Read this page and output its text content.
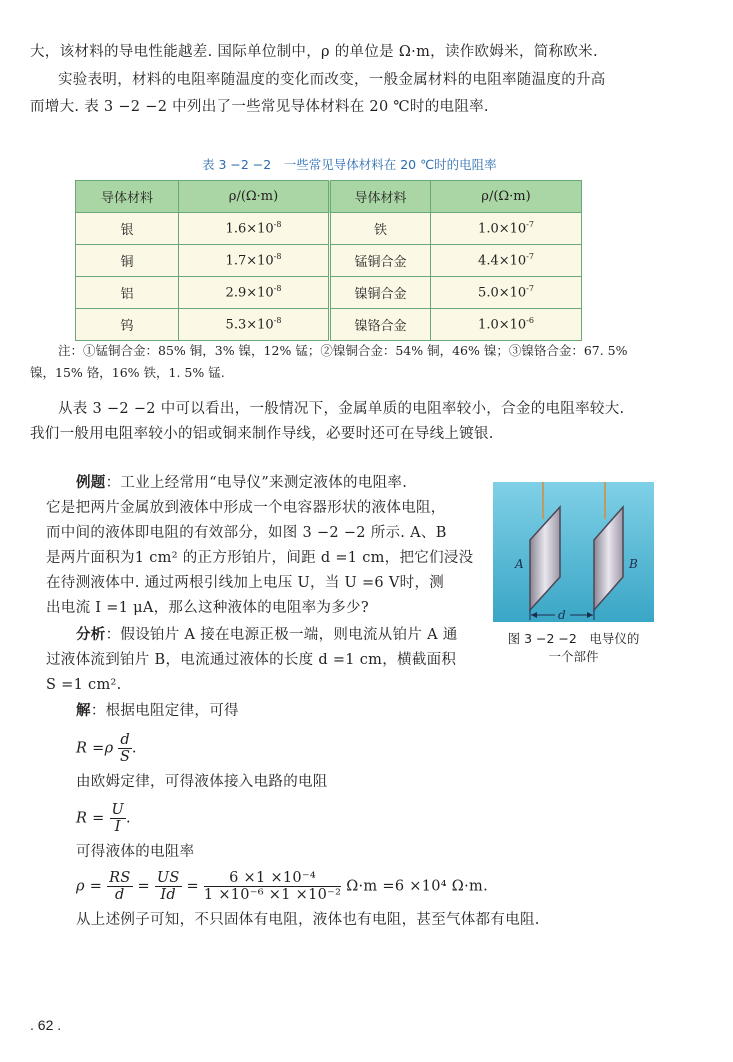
大，该材料的导电性能越差. 国际单位制中，ρ 的单位是 Ω·m，读作欧姆米，简称欧米.
实验表明，材料的电阻率随温度的变化而改变，一般金属材料的电阻率随温度的升高
而增大. 表 3 −2 −2 中列出了一些常见导体材料在 20 ℃时的电阻率.
表 3 −2 −2　一些常见导体材料在 20 ℃时的电阻率
导体材料	ρ/(Ω·m)	导体材料	ρ/(Ω·m)
银	$1.6\times 10^{-8}$	铁	$1.0\times 10^{-7}$
铜	$1.7\times 10^{-8}$	锰铜合金	$4.4\times 10^{-7}$
铝	$2.9\times 10^{-8}$	镍铜合金	$5.0\times 10^{-7}$
钨	$5.3\times 10^{-8}$	镍铬合金	$1.0\times 10^{-6}$
注：①锰铜合金：85% 铜，3% 镍，12% 锰；②镍铜合金：54% 铜，46% 镍；③镍铬合金：67. 5%
镍，15% 铬，16% 铁，1. 5% 锰.
从表 3 −2 −2 中可以看出，一般情况下，金属单质的电阻率较小，合金的电阻率较大.
我们一般用电阻率较小的铝或铜来制作导线，必要时还可在导线上镀银.
例题：工业上经常用“电导仪”来测定液体的电阻率.
它是把两片金属放到液体中形成一个电容器形状的液体电阻，
而中间的液体即电阻的有效部分，如图 3 −2 −2 所示. A、B
是两片面积为1 cm² 的正方形铂片，间距 d =1 cm，把它们浸没
在待测液体中. 通过两根引线加上电压 U，当 U =6 V时，测
出电流 I =1 μA，那么这种液体的电阻率为多少?
分析：假设铂片 A 接在电源正极一端，则电流从铂片 A 通
过液体流到铂片 B，电流通过液体的长度 d =1 cm，横截面积
S =1 cm².
解：根据电阻定律，可得
$R =\rho \frac{d}{S}$ .
由欧姆定律，可得液体接入电路的电阻
$R = \frac{U}{I}$ .
可得液体的电阻率
$\rho = \frac{RS}{d} = \frac{US}{Id} = \frac{\text{6 ×1 ×10⁻⁴}}{\text{1 ×10⁻⁶ ×1 ×10⁻²}} \Omega\cdot m =6 \times 10^4$ Ω·m.
从上述例子可知，不只固体有电阻，液体也有电阻，甚至气体都有电阻.
A	B
d
图 3 −2 −2　电导仪的
一个部件
. 62 .
